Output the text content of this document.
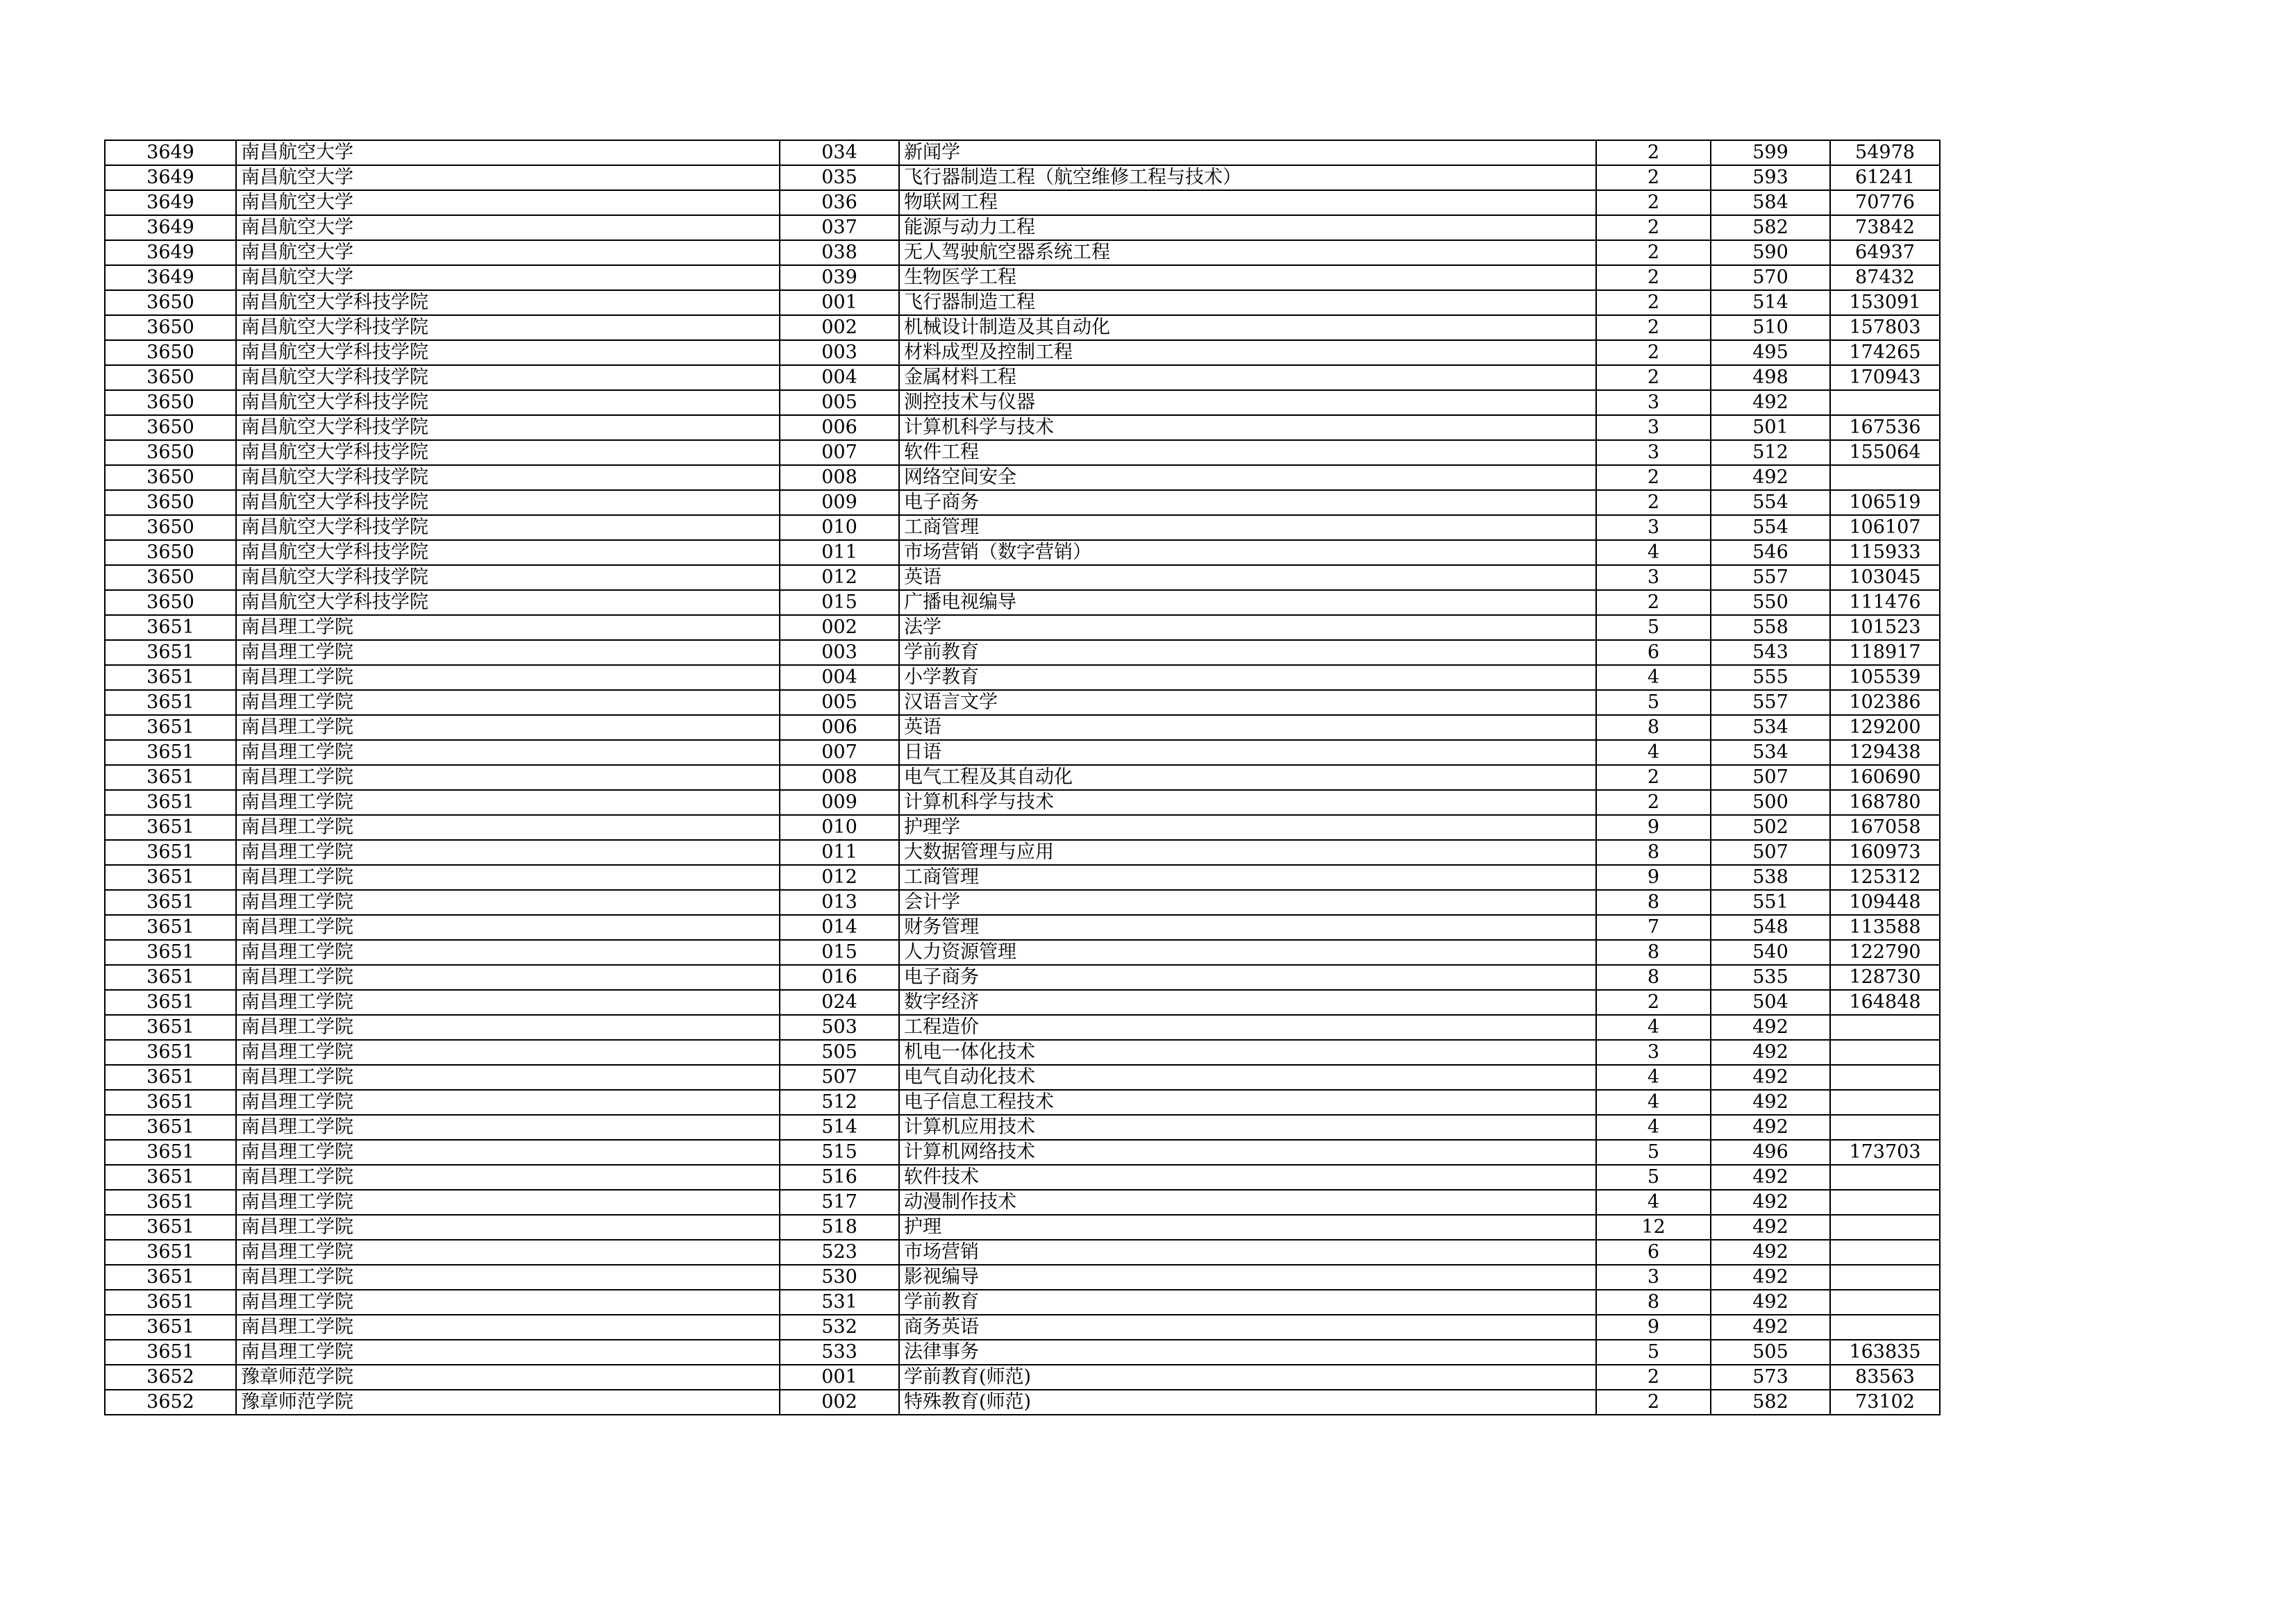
3649	南昌航空大学	034	新闻学	2	599	54978
3649	南昌航空大学	035	飞行器制造工程（航空维修工程与技术）	2	593	61241
3649	南昌航空大学	036	物联网工程	2	584	70776
3649	南昌航空大学	037	能源与动力工程	2	582	73842
3649	南昌航空大学	038	无人驾驶航空器系统工程	2	590	64937
3649	南昌航空大学	039	生物医学工程	2	570	87432
3650	南昌航空大学科技学院	001	飞行器制造工程	2	514	153091
3650	南昌航空大学科技学院	002	机械设计制造及其自动化	2	510	157803
3650	南昌航空大学科技学院	003	材料成型及控制工程	2	495	174265
3650	南昌航空大学科技学院	004	金属材料工程	2	498	170943
3650	南昌航空大学科技学院	005	测控技术与仪器	3	492	
3650	南昌航空大学科技学院	006	计算机科学与技术	3	501	167536
3650	南昌航空大学科技学院	007	软件工程	3	512	155064
3650	南昌航空大学科技学院	008	网络空间安全	2	492	
3650	南昌航空大学科技学院	009	电子商务	2	554	106519
3650	南昌航空大学科技学院	010	工商管理	3	554	106107
3650	南昌航空大学科技学院	011	市场营销（数字营销）	4	546	115933
3650	南昌航空大学科技学院	012	英语	3	557	103045
3650	南昌航空大学科技学院	015	广播电视编导	2	550	111476
3651	南昌理工学院	002	法学	5	558	101523
3651	南昌理工学院	003	学前教育	6	543	118917
3651	南昌理工学院	004	小学教育	4	555	105539
3651	南昌理工学院	005	汉语言文学	5	557	102386
3651	南昌理工学院	006	英语	8	534	129200
3651	南昌理工学院	007	日语	4	534	129438
3651	南昌理工学院	008	电气工程及其自动化	2	507	160690
3651	南昌理工学院	009	计算机科学与技术	2	500	168780
3651	南昌理工学院	010	护理学	9	502	167058
3651	南昌理工学院	011	大数据管理与应用	8	507	160973
3651	南昌理工学院	012	工商管理	9	538	125312
3651	南昌理工学院	013	会计学	8	551	109448
3651	南昌理工学院	014	财务管理	7	548	113588
3651	南昌理工学院	015	人力资源管理	8	540	122790
3651	南昌理工学院	016	电子商务	8	535	128730
3651	南昌理工学院	024	数字经济	2	504	164848
3651	南昌理工学院	503	工程造价	4	492	
3651	南昌理工学院	505	机电一体化技术	3	492	
3651	南昌理工学院	507	电气自动化技术	4	492	
3651	南昌理工学院	512	电子信息工程技术	4	492	
3651	南昌理工学院	514	计算机应用技术	4	492	
3651	南昌理工学院	515	计算机网络技术	5	496	173703
3651	南昌理工学院	516	软件技术	5	492	
3651	南昌理工学院	517	动漫制作技术	4	492	
3651	南昌理工学院	518	护理	12	492	
3651	南昌理工学院	523	市场营销	6	492	
3651	南昌理工学院	530	影视编导	3	492	
3651	南昌理工学院	531	学前教育	8	492	
3651	南昌理工学院	532	商务英语	9	492	
3651	南昌理工学院	533	法律事务	5	505	163835
3652	豫章师范学院	001	学前教育(师范)	2	573	83563
3652	豫章师范学院	002	特殊教育(师范)	2	582	73102
